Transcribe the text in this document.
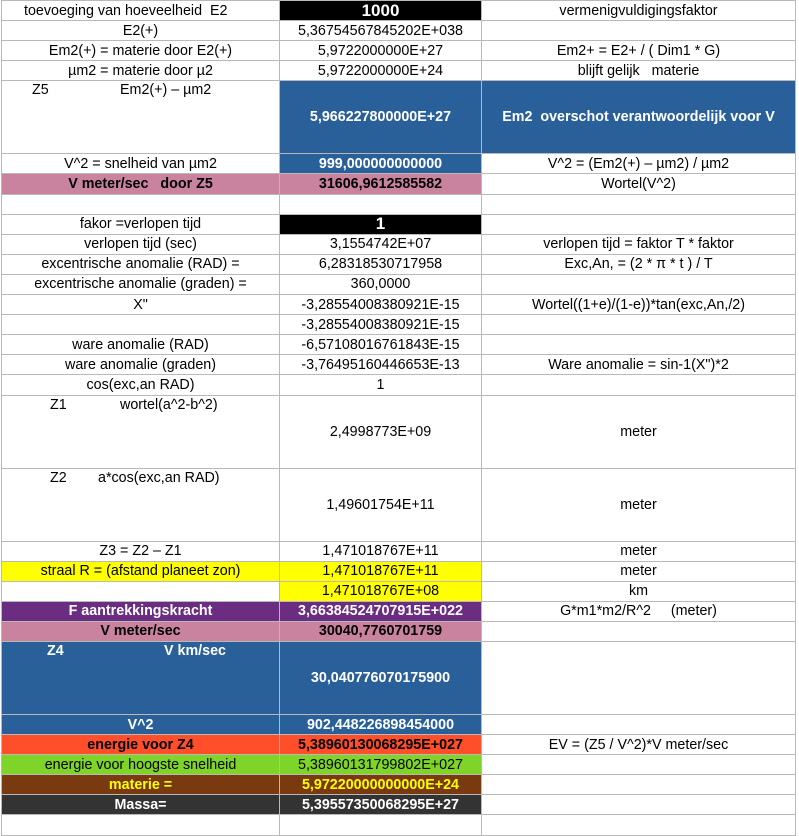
toevoeging van hoeveelheid  E2	1000	vermenigvuldigingsfaktor
E2(+)	5,36754567845202E+038	
Em2(+) = materie door E2(+)	5,9722000000E+27	Em2+ = E2+ / ( Dim1 * G)
µm2 = materie door µ2	5,9722000000E+24	blijft gelijk   materie

Z5

Em2(+) – µm2	5,966227800000E+27	Em2  overschot verantwoordelijk voor V
V^2 = snelheid van µm2	999,000000000000	V^2 = (Em2(+) – µm2) / µm2
V meter/sec   door Z5	31606,9612585582	Wortel(V^2)

fakor =verlopen tijd	1	
verlopen tijd (sec)	3,1554742E+07	verlopen tijd = faktor T * faktor
excentrische anomalie (RAD) =	6,28318530717958	Exc,An, = (2 * π * t ) / T
excentrische anomalie (graden) =	360,0000	
X"	-3,28554008380921E-15	Wortel((1+e)/(1-e))*tan(exc,An,/2)
	-3,28554008380921E-15	
ware anomalie (RAD)	-6,57108016761843E-15	
ware anomalie (graden)	-3,76495160446653E-13	Ware anomalie = sin-1(X")*2
cos(exc,an RAD)	1	

Z1

wortel(a^2-b^2)	2,4998773E+09	meter

Z2

a*cos(exc,an RAD)	1,49601754E+11	meter
Z3 = Z2 – Z1	1,471018767E+11	meter
straal R = (afstand planeet zon)	1,471018767E+11	meter
	1,471018767E+08	km
F aantrekkingskracht	3,66384524707915E+022	G*m1*m2/R^2     (meter)
V meter/sec	30040,7760701759	

Z4

V km/sec	30,040776070175900	
V^2	902,448226898454000	
energie voor Z4	5,38960130068295E+027	EV = (Z5 / V^2)*V meter/sec
energie voor hoogste snelheid	5,38960131799802E+027	
materie =	5,97220000000000E+24	
Massa=	5,39557350068295E+27	
